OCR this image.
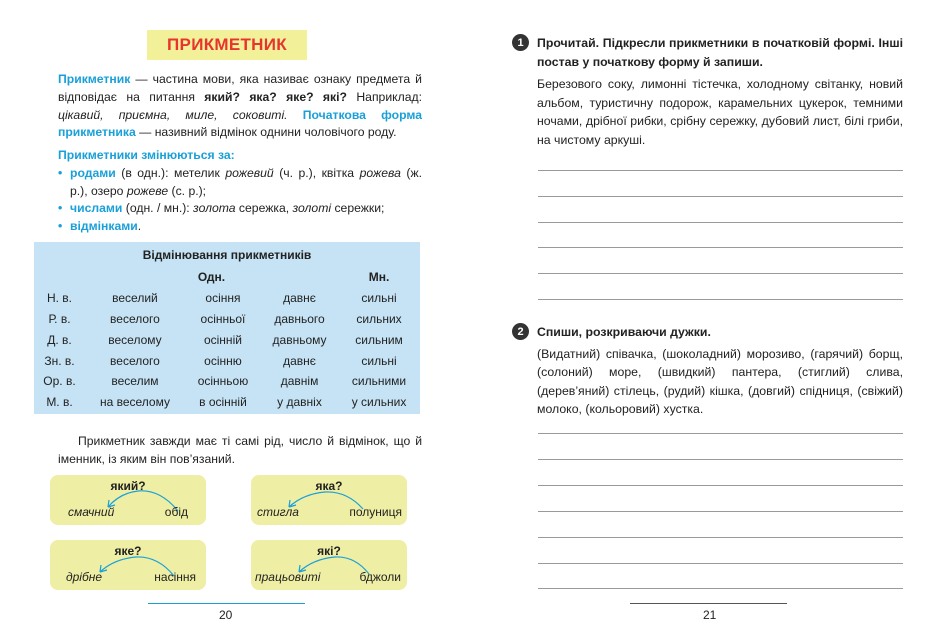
ПРИКМЕТНИК

Прикметник — частина мови, яка називає ознаку предмета й відповідає на питання який? яка? яке? які? Наприклад: цікавий, приємна, миле, соковиті. Початкова форма прикметника — називний відмінок однини чоловічого роду.

Прикметники змінюються за:

• родами (в одн.): метелик рожевий (ч. р.), квітка рожева (ж. р.), озеро рожеве (с. р.);

• числами (одн. / мн.): золота сережка, золоті сережки;

• відмінками.

Відмінювання прикметників				
	Одн.			Мн.
Н. в.	веселий	осіння	давнє	сильні
Р. в.	веселого	осінньої	давнього	сильних
Д. в.	веселому	осінній	давньому	сильним
Зн. в.	веселого	осінню	давнє	сильні
Ор. в.	веселим	осінньою	давнім	сильними
М. в.	на веселому	в осінній	у давніх	у сильних

Прикметник завжди має ті самі рід, число й відмінок, що й іменник, із яким він пов’язаний.

який?
смачний	обід
яка?
стигла	полуниця
яке?
дрібне	насіння
які?
працьовиті	бджоли
20
1	Прочитай. Підкресли прикметники в початковій формі. Інші постав у початкову форму й запиши.

Березового соку, лимонні тістечка, холодному світанку, новий альбом, туристичну подорож, карамельних цукерок, темними ночами, дрібної рибки, срібну сережку, дубовий лист, білі гриби, на чистому аркуші.

2	Спиши, розкриваючи дужки.

(Видатний) співачка, (шоколадний) морозиво, (гарячий) борщ, (солоний) море, (швидкий) пантера, (стиглий) слива, (дерев’яний) стілець, (рудий) кішка, (довгий) спідниця, (свіжий) молоко, (кольоровий) хустка.

21
